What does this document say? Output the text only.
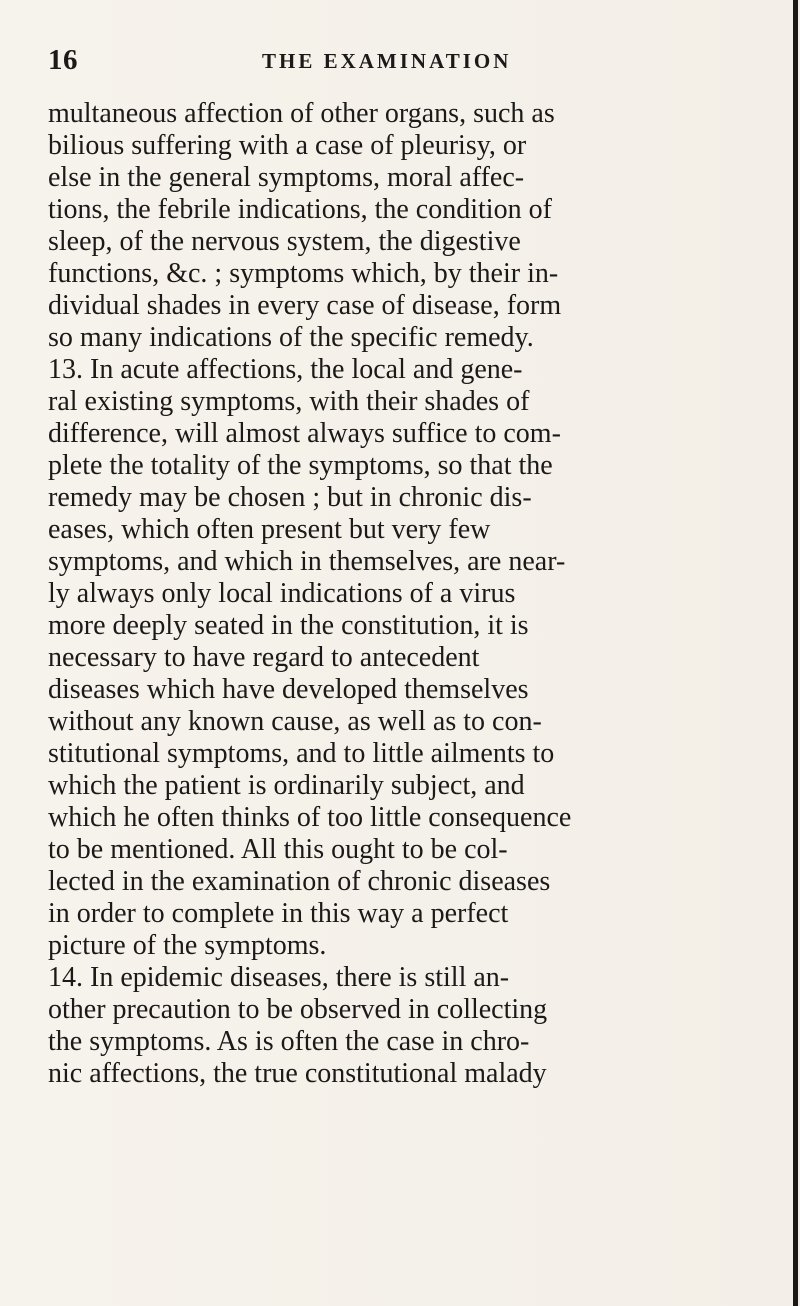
16	THE EXAMINATION
multaneous affection of other organs, such as
bilious suffering with a case of pleurisy, or
else in the general symptoms, moral affec-
tions, the febrile indications, the condition of
sleep, of the nervous system, the digestive
functions, &c. ; symptoms which, by their in-
dividual shades in every case of disease, form
so many indications of the specific remedy.
13. In acute affections, the local and gene-
ral existing symptoms, with their shades of
difference, will almost always suffice to com-
plete the totality of the symptoms, so that the
remedy may be chosen ; but in chronic dis-
eases, which often present but very few
symptoms, and which in themselves, are near-
ly always only local indications of a virus
more deeply seated in the constitution, it is
necessary to have regard to antecedent
diseases which have developed themselves
without any known cause, as well as to con-
stitutional symptoms, and to little ailments to
which the patient is ordinarily subject, and
which he often thinks of too little consequence
to be mentioned. All this ought to be col-
lected in the examination of chronic diseases
in order to complete in this way a perfect
picture of the symptoms.
14. In epidemic diseases, there is still an-
other precaution to be observed in collecting
the symptoms. As is often the case in chro-
nic affections, the true constitutional malady
